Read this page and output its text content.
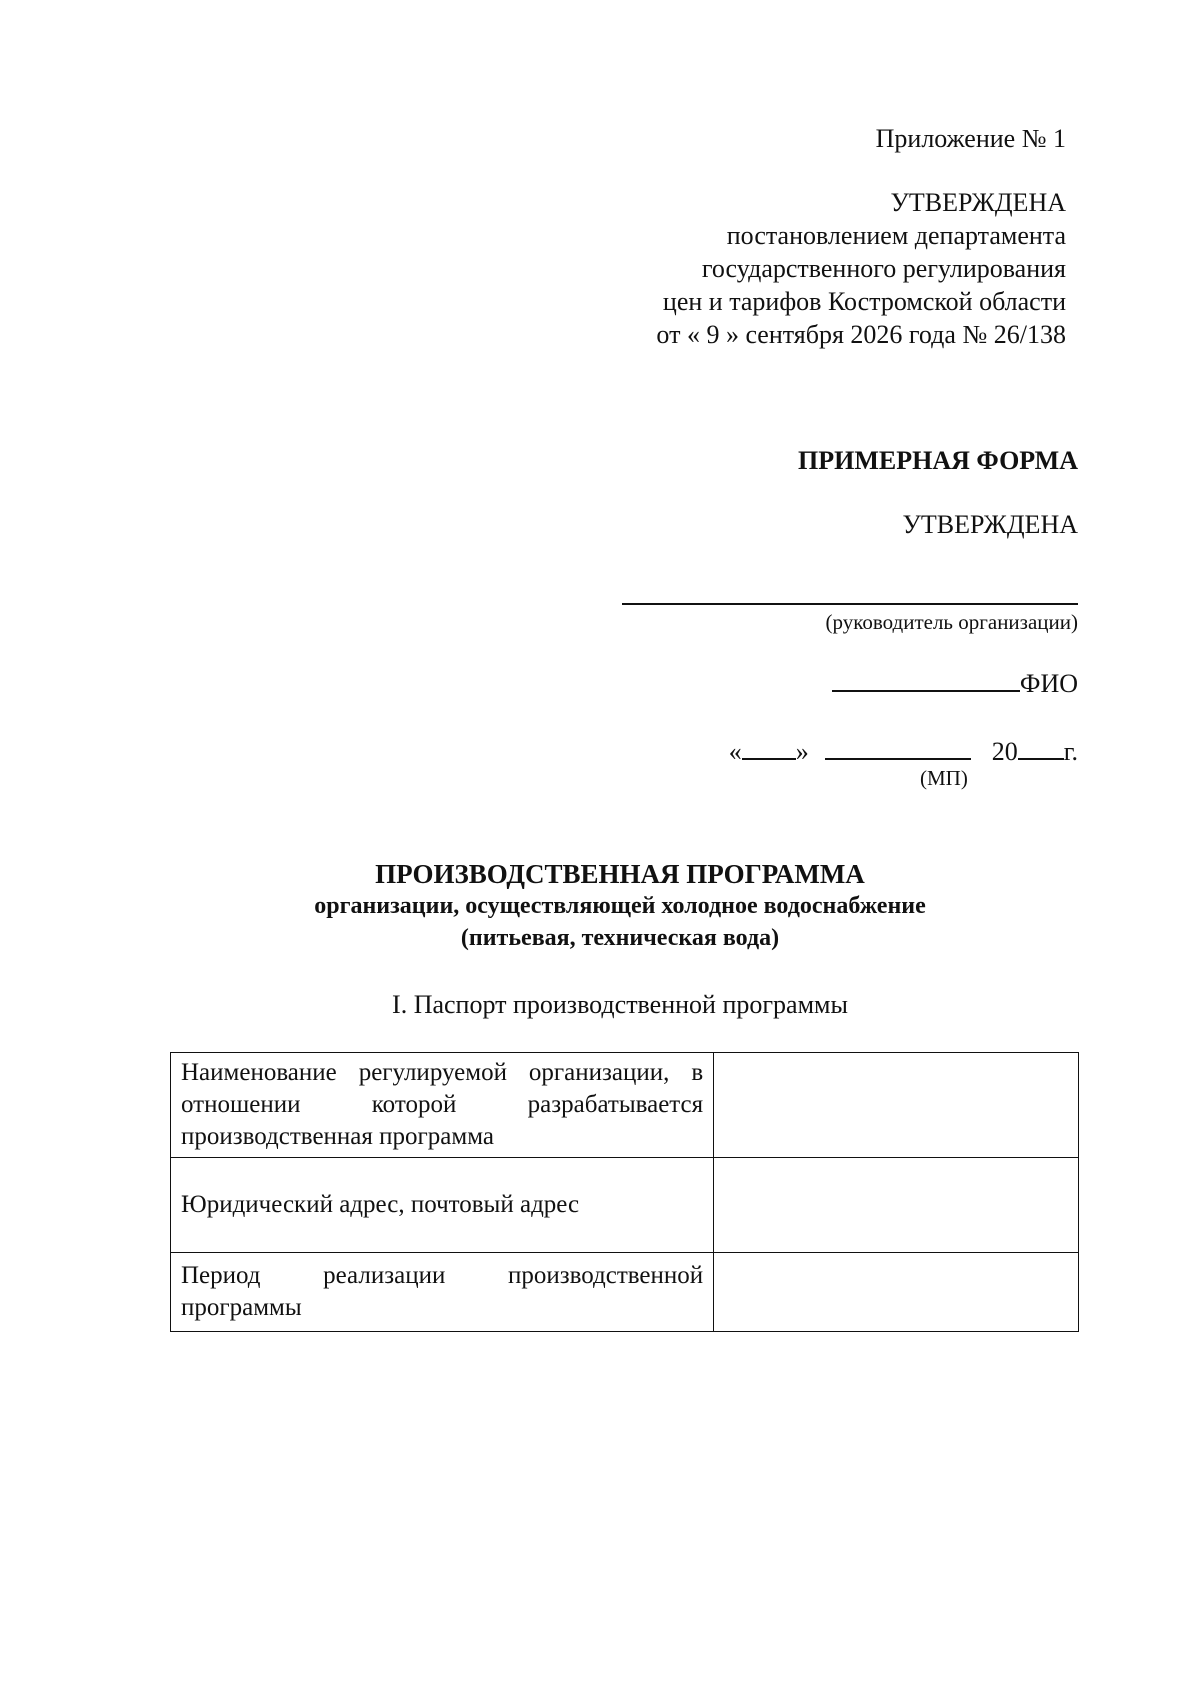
Приложение № 1
УТВЕРЖДЕНА
постановлением департамента
государственного регулирования
цен и тарифов Костромской области
от « 9 » сентября 2026 года № 26/138
ПРИМЕРНАЯ ФОРМА
УТВЕРЖДЕНА
(руководитель организации)
ФИО
« »	20 г.
(МП)
ПРОИЗВОДСТВЕННАЯ ПРОГРАММА
организации, осуществляющей холодное водоснабжение
(питьевая, техническая вода)
I. Паспорт производственной программы
Наименование регулируемой организации, в отношении которой разрабатывается производственная программа	
Юридический адрес, почтовый адрес	
Период реализации производственной программы	
